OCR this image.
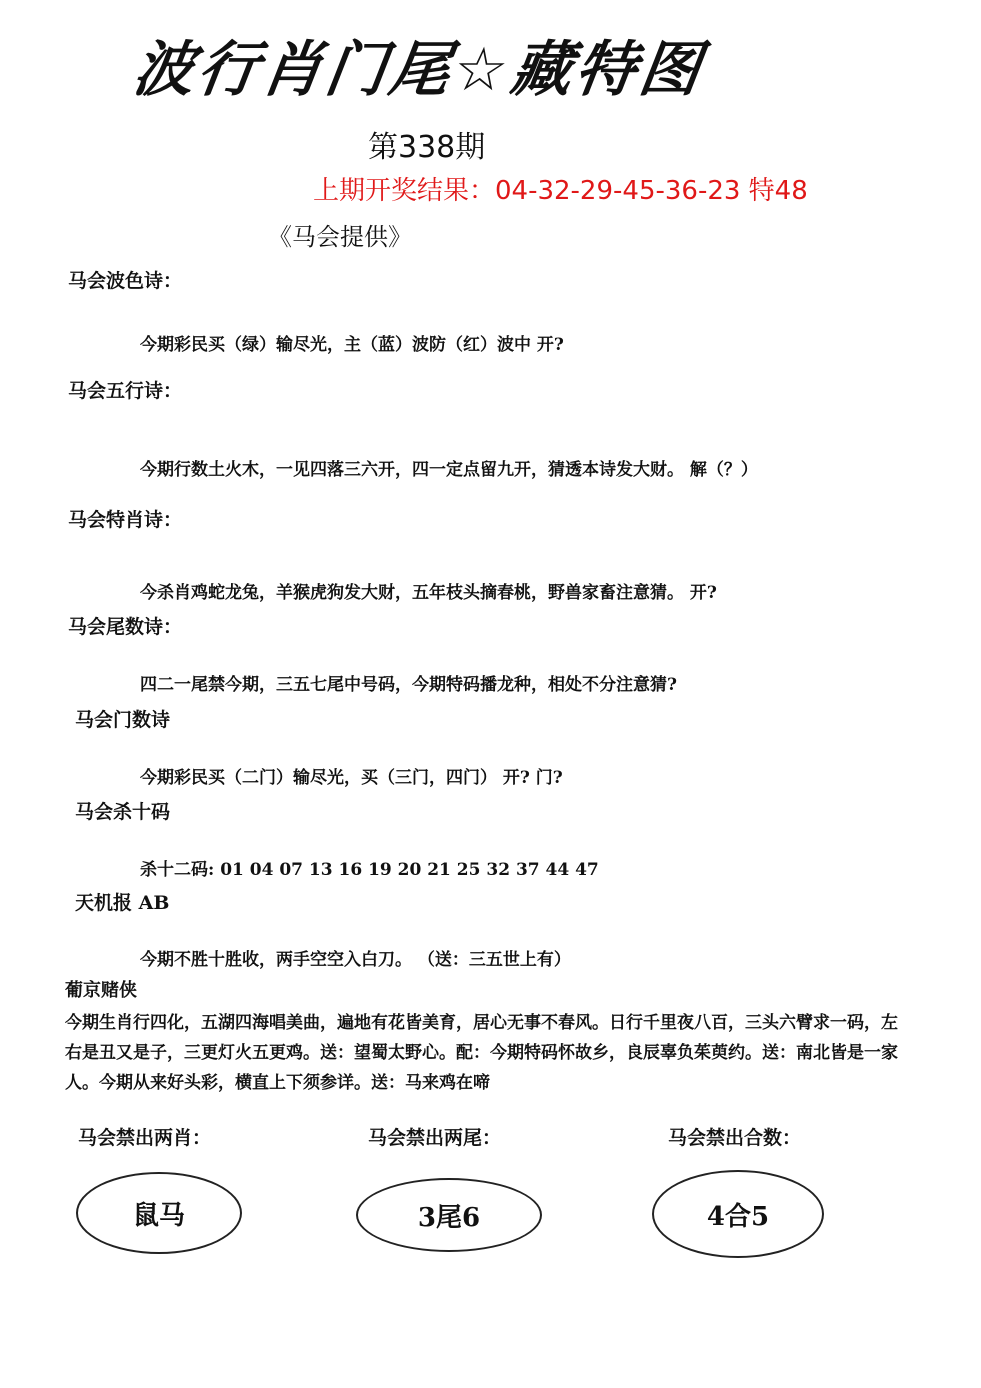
波行肖门尾☆藏特图
第338期
上期开奖结果：04-32-29-45-36-23 特48
《马会提供》
马会波色诗：
今期彩民买（绿）输尽光，主（蓝）波防（红）波中 开?
马会五行诗：
今期行数土火木，一见四落三六开，四一定点留九开，猜透本诗发大财。 解（？）
马会特肖诗：
今杀肖鸡蛇龙兔，羊猴虎狗发大财，五年枝头摘春桃，野兽家畜注意猜。 开?
马会尾数诗：
四二一尾禁今期，三五七尾中号码，今期特码播龙种，相处不分注意猜?
马会门数诗
今期彩民买（二门）输尽光，买（三门，四门） 开? 门?
马会杀十码
杀十二码: 01 04 07 13 16 19 20 21 25 32 37 44 47
天机报 AB
今期不胜十胜收，两手空空入白刀。 （送：三五世上有）
葡京赌侠
今期生肖行四化，五湖四海唱美曲，遍地有花皆美育，居心无事不春风。日行千里夜八百，三头六臂求一码，左右是丑又是子，三更灯火五更鸡。送：望蜀太野心。配：今期特码怀故乡，良辰辜负茱萸约。送：南北皆是一家人。今期从来好头彩，横直上下须参详。送：马来鸡在啼
马会禁出两肖：	马会禁出两尾：	马会禁出合数：
鼠马	3尾6	4合5
